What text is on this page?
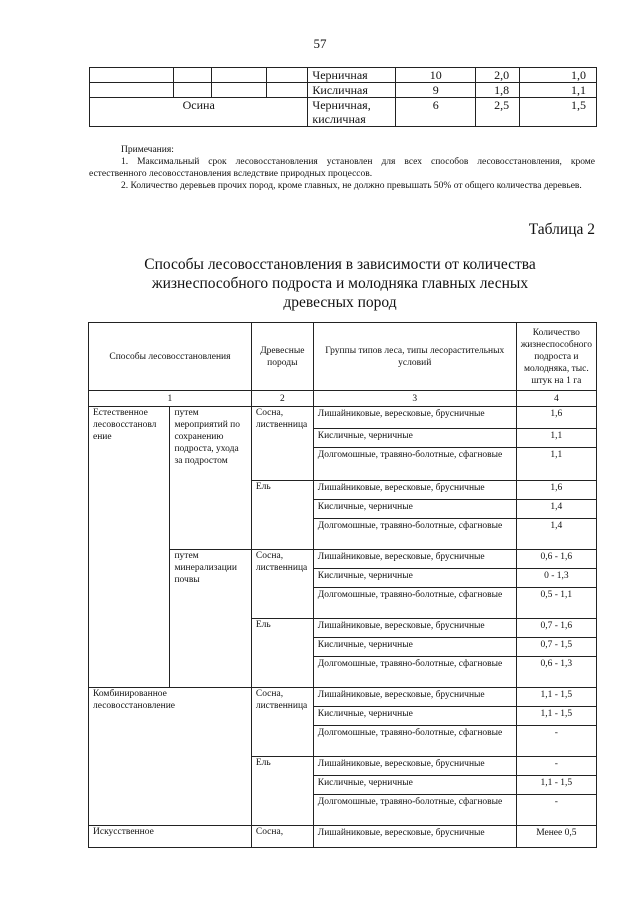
57
				Черничная	10	2,0	1,0
				Кисличная	9	1,8	1,1
Осина				Черничная, кисличная	6	2,5	1,5

Примечания:

1. Максимальный срок лесовосстановления установлен для всех способов лесовосстановления, кроме естественного лесовосстановления вследствие природных процессов.

2. Количество деревьев прочих пород, кроме главных, не должно превышать 50% от общего количества деревьев.

Таблица 2
Способы лесовосстановления в зависимости от количества жизнеспособного подроста и молодняка главных лесных древесных пород
Способы лесовосстановления		Древесные породы	Группы типов леса, типы лесорастительных условий	Количество жизнеспособного подроста и молодняка, тыс. штук на 1 га
1		2	3	4
Естественное лесовосстановл ение	путем мероприятий по сохранению подроста, ухода за подростом	Сосна, лиственница	Лишайниковые, вересковые, брусничные	1,6
			Кисличные, черничные	1,1
			Долгомошные, травяно-болотные, сфагновые	1,1
		Ель	Лишайниковые, вересковые, брусничные	1,6
			Кисличные, черничные	1,4
			Долгомошные, травяно-болотные, сфагновые	1,4
	путем минерализации почвы	Сосна, лиственница	Лишайниковые, вересковые, брусничные	0,6 - 1,6
			Кисличные, черничные	0 - 1,3
			Долгомошные, травяно-болотные, сфагновые	0,5 - 1,1
		Ель	Лишайниковые, вересковые, брусничные	0,7 - 1,6
			Кисличные, черничные	0,7 - 1,5
			Долгомошные, травяно-болотные, сфагновые	0,6 - 1,3
Комбинированное лесовосстановление		Сосна, лиственница	Лишайниковые, вересковые, брусничные	1,1 - 1,5
			Кисличные, черничные	1,1 - 1,5
			Долгомошные, травяно-болотные, сфагновые	-
		Ель	Лишайниковые, вересковые, брусничные	-
			Кисличные, черничные	1,1 - 1,5
			Долгомошные, травяно-болотные, сфагновые	-
Искусственное		Сосна,	Лишайниковые, вересковые, брусничные	Менее 0,5
